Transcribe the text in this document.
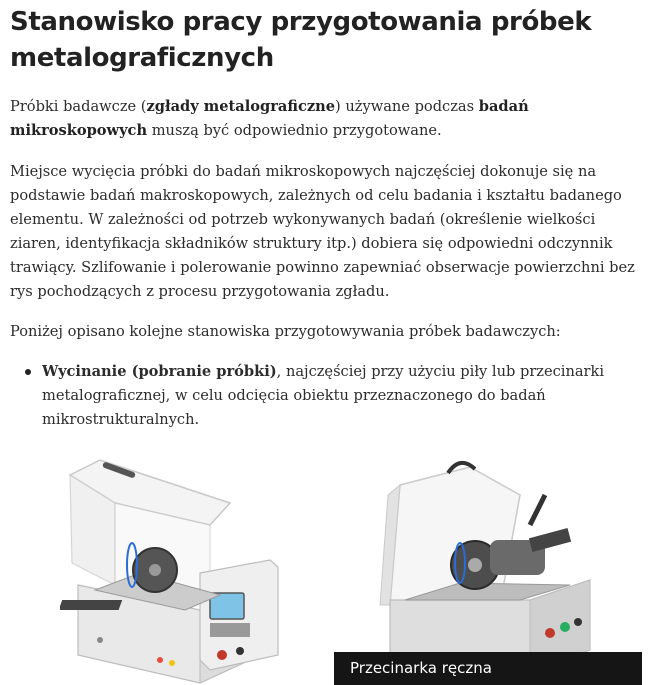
Stanowisko pracy przygotowania próbek metalograficznych

Próbki badawcze (zgłady metalograficzne) używane podczas badań mikroskopowych muszą być odpowiednio przygotowane.

Miejsce wycięcia próbki do badań mikroskopowych najczęściej dokonuje się na podstawie badań makroskopowych, zależnych od celu badania i kształtu badanego elementu. W zależności od potrzeb wykonywanych badań (określenie wielkości ziaren, identyfikacja składników struktury itp.) dobiera się odpowiedni odczynnik trawiący. Szlifowanie i polerowanie powinno zapewniać obserwacje powierzchni bez rys pochodzących z procesu przygotowania zgładu.

Poniżej opisano kolejne stanowiska przygotowywania próbek badawczych:

Wycinanie (pobranie próbki), najczęściej przy użyciu piły lub przecinarki metalograficznej, w celu odcięcia obiektu przeznaczonego do badań mikrostrukturalnych.
Przecinarka ręczna
